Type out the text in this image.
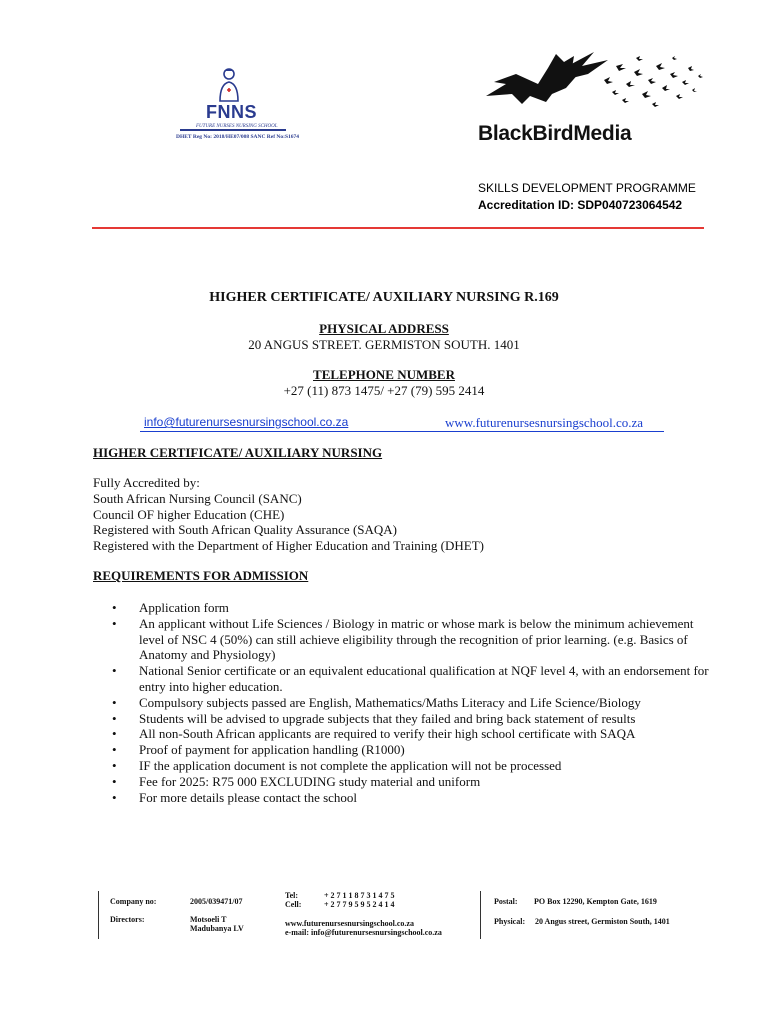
FNNS
FUTURE NURSES NURSING SCHOOL
DHET Reg No: 2018/HE07/008 SANC Ref No:S1674	BlackBirdMedia
SKILLS DEVELOPMENT PROGRAMME
Accreditation ID: SDP040723064542
HIGHER CERTIFICATE/ AUXILIARY NURSING R.169
PHYSICAL ADDRESS
20 ANGUS STREET. GERMISTON SOUTH. 1401
TELEPHONE NUMBER
+27 (11) 873 1475/ +27 (79) 595 2414
info@futurenursesnursingschool.co.za	www.futurenursesnursingschool.co.za
HIGHER CERTIFICATE/ AUXILIARY NURSING
Fully Accredited by:
South African Nursing Council (SANC)
Council OF higher Education (CHE)
Registered with South African Quality Assurance (SAQA)
Registered with the Department of Higher Education and Training (DHET)
REQUIREMENTS FOR ADMISSION
• Application form
• An applicant without Life Sciences / Biology in matric or whose mark is below the minimum achievement level of NSC 4 (50%) can still achieve eligibility through the recognition of prior learning. (e.g. Basics of Anatomy and Physiology)
• National Senior certificate or an equivalent educational qualification at NQF level 4, with an endorsement for entry into higher education.
• Compulsory subjects passed are English, Mathematics/Maths Literacy and Life Science/Biology
• Students will be advised to upgrade subjects that they failed and bring back statement of results
• All non-South African applicants are required to verify their high school certificate with SAQA
• Proof of payment for application handling (R1000)
• IF the application document is not complete the application will not be processed
• Fee for 2025: R75 000 EXCLUDING study material and uniform
• For more details please contact the school
Company no:	2005/039471/07
Directors:	Motsoeli T
Madubanya LV
Tel:	+ 2 7 1 1 8 7 3 1 4 7 5
Cell:	+ 2 7 7 9 5 9 5 2 4 1 4
www.futurenursesnursingschool.co.za
e-mail: info@futurenursesnursingschool.co.za
Postal: PO Box 12290, Kempton Gate, 1619
Physical: 20 Angus street, Germiston South, 1401
